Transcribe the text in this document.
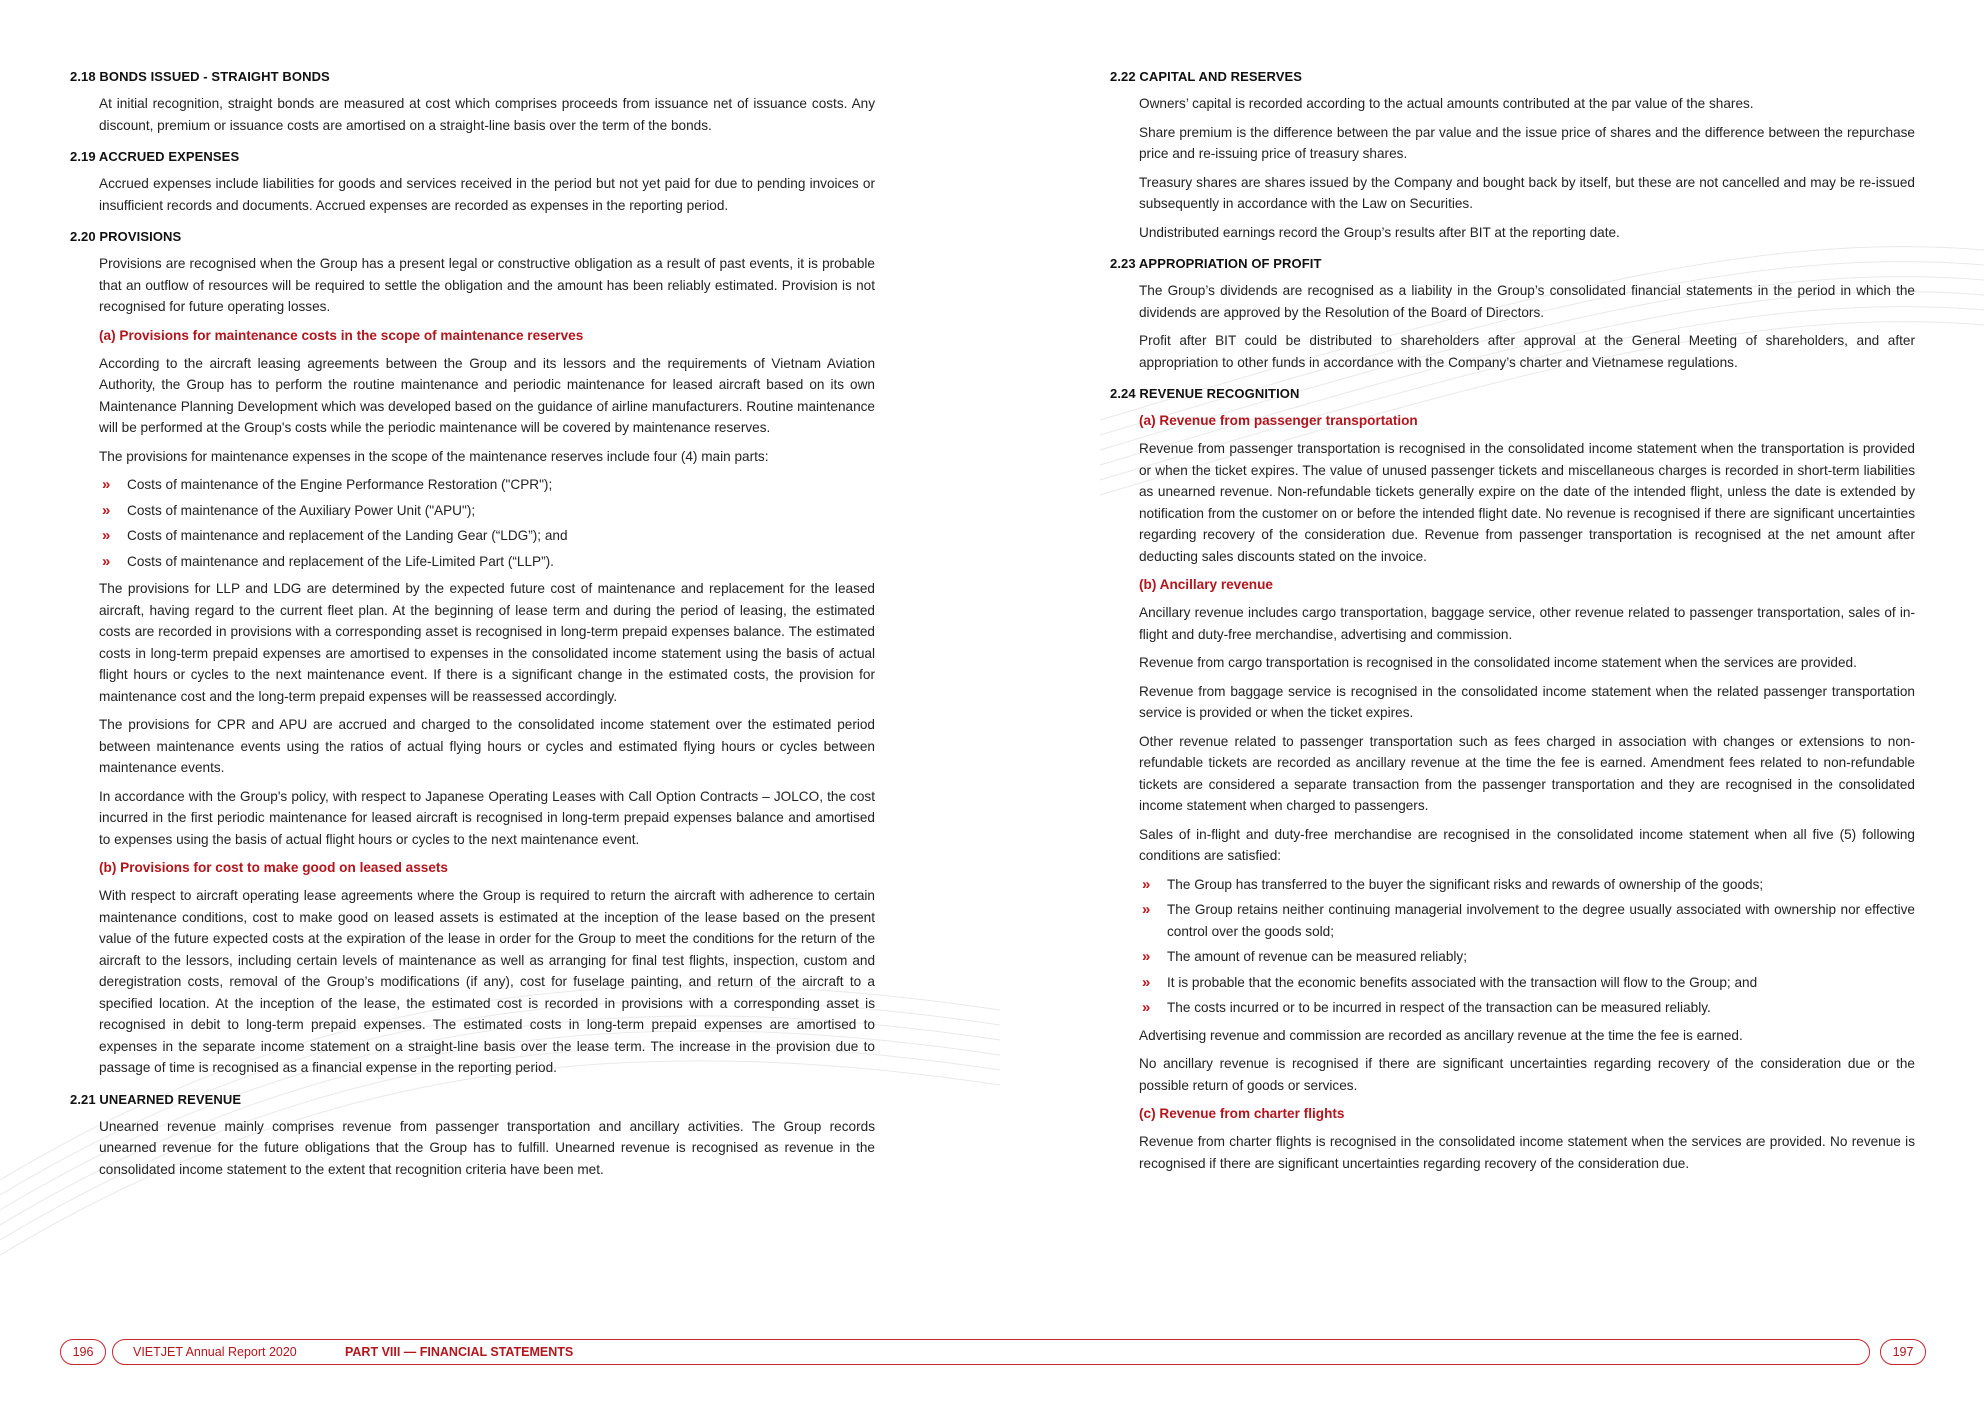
2.18 BONDS ISSUED - STRAIGHT BONDS
At initial recognition, straight bonds are measured at cost which comprises proceeds from issuance net of issuance costs. Any discount, premium or issuance costs are amortised on a straight-line basis over the term of the bonds.
2.19 ACCRUED EXPENSES
Accrued expenses include liabilities for goods and services received in the period but not yet paid for due to pending invoices or insufficient records and documents. Accrued expenses are recorded as expenses in the reporting period.
2.20 PROVISIONS
Provisions are recognised when the Group has a present legal or constructive obligation as a result of past events, it is probable that an outflow of resources will be required to settle the obligation and the amount has been reliably estimated. Provision is not recognised for future operating losses.
(a) Provisions for maintenance costs in the scope of maintenance reserves
According to the aircraft leasing agreements between the Group and its lessors and the requirements of Vietnam Aviation Authority, the Group has to perform the routine maintenance and periodic maintenance for leased aircraft based on its own Maintenance Planning Development which was developed based on the guidance of airline manufacturers. Routine maintenance will be performed at the Group's costs while the periodic maintenance will be covered by maintenance reserves.
The provisions for maintenance expenses in the scope of the maintenance reserves include four (4) main parts:
» Costs of maintenance of the Engine Performance Restoration ("CPR");
» Costs of maintenance of the Auxiliary Power Unit ("APU");
» Costs of maintenance and replacement of the Landing Gear (“LDG”); and
» Costs of maintenance and replacement of the Life-Limited Part (“LLP”).
The provisions for LLP and LDG are determined by the expected future cost of maintenance and replacement for the leased aircraft, having regard to the current fleet plan. At the beginning of lease term and during the period of leasing, the estimated costs are recorded in provisions with a corresponding asset is recognised in long-term prepaid expenses balance. The estimated costs in long-term prepaid expenses are amortised to expenses in the consolidated income statement using the basis of actual flight hours or cycles to the next maintenance event. If there is a significant change in the estimated costs, the provision for maintenance cost and the long-term prepaid expenses will be reassessed accordingly.
The provisions for CPR and APU are accrued and charged to the consolidated income statement over the estimated period between maintenance events using the ratios of actual flying hours or cycles and estimated flying hours or cycles between maintenance events.
In accordance with the Group's policy, with respect to Japanese Operating Leases with Call Option Contracts – JOLCO, the cost incurred in the first periodic maintenance for leased aircraft is recognised in long-term prepaid expenses balance and amortised to expenses using the basis of actual flight hours or cycles to the next maintenance event.
(b) Provisions for cost to make good on leased assets
With respect to aircraft operating lease agreements where the Group is required to return the aircraft with adherence to certain maintenance conditions, cost to make good on leased assets is estimated at the inception of the lease based on the present value of the future expected costs at the expiration of the lease in order for the Group to meet the conditions for the return of the aircraft to the lessors, including certain levels of maintenance as well as arranging for final test flights, inspection, custom and deregistration costs, removal of the Group’s modifications (if any), cost for fuselage painting, and return of the aircraft to a specified location. At the inception of the lease, the estimated cost is recorded in provisions with a corresponding asset is recognised in debit to long-term prepaid expenses. The estimated costs in long-term prepaid expenses are amortised to expenses in the separate income statement on a straight-line basis over the lease term. The increase in the provision due to passage of time is recognised as a financial expense in the reporting period.
2.21 UNEARNED REVENUE
Unearned revenue mainly comprises revenue from passenger transportation and ancillary activities. The Group records unearned revenue for the future obligations that the Group has to fulfill. Unearned revenue is recognised as revenue in the consolidated income statement to the extent that recognition criteria have been met.
2.22 CAPITAL AND RESERVES
Owners’ capital is recorded according to the actual amounts contributed at the par value of the shares.
Share premium is the difference between the par value and the issue price of shares and the difference between the repurchase price and re-issuing price of treasury shares.
Treasury shares are shares issued by the Company and bought back by itself, but these are not cancelled and may be re-issued subsequently in accordance with the Law on Securities.
Undistributed earnings record the Group’s results after BIT at the reporting date.
2.23 APPROPRIATION OF PROFIT
The Group’s dividends are recognised as a liability in the Group’s consolidated financial statements in the period in which the dividends are approved by the Resolution of the Board of Directors.
Profit after BIT could be distributed to shareholders after approval at the General Meeting of shareholders, and after appropriation to other funds in accordance with the Company’s charter and Vietnamese regulations.
2.24 REVENUE RECOGNITION
(a) Revenue from passenger transportation
Revenue from passenger transportation is recognised in the consolidated income statement when the transportation is provided or when the ticket expires. The value of unused passenger tickets and miscellaneous charges is recorded in short-term liabilities as unearned revenue. Non-refundable tickets generally expire on the date of the intended flight, unless the date is extended by notification from the customer on or before the intended flight date. No revenue is recognised if there are significant uncertainties regarding recovery of the consideration due. Revenue from passenger transportation is recognised at the net amount after deducting sales discounts stated on the invoice.
(b) Ancillary revenue
Ancillary revenue includes cargo transportation, baggage service, other revenue related to passenger transportation, sales of in-flight and duty-free merchandise, advertising and commission.
Revenue from cargo transportation is recognised in the consolidated income statement when the services are provided.
Revenue from baggage service is recognised in the consolidated income statement when the related passenger transportation service is provided or when the ticket expires.
Other revenue related to passenger transportation such as fees charged in association with changes or extensions to non-refundable tickets are recorded as ancillary revenue at the time the fee is earned. Amendment fees related to non-refundable tickets are considered a separate transaction from the passenger transportation and they are recognised in the consolidated income statement when charged to passengers.
Sales of in-flight and duty-free merchandise are recognised in the consolidated income statement when all five (5) following conditions are satisfied:
» The Group has transferred to the buyer the significant risks and rewards of ownership of the goods;
» The Group retains neither continuing managerial involvement to the degree usually associated with ownership nor effective control over the goods sold;
» The amount of revenue can be measured reliably;
» It is probable that the economic benefits associated with the transaction will flow to the Group; and
» The costs incurred or to be incurred in respect of the transaction can be measured reliably.
Advertising revenue and commission are recorded as ancillary revenue at the time the fee is earned.
No ancillary revenue is recognised if there are significant uncertainties regarding recovery of the consideration due or the possible return of goods or services.
(c) Revenue from charter flights
Revenue from charter flights is recognised in the consolidated income statement when the services are provided. No revenue is recognised if there are significant uncertainties regarding recovery of the consideration due.
196	VIETJET Annual Report 2020	PART VIII — FINANCIAL STATEMENTS	197
